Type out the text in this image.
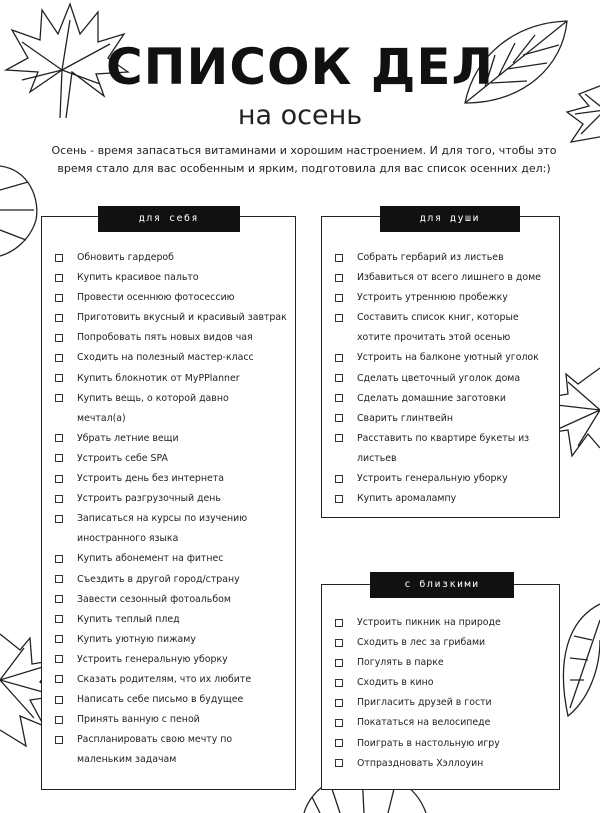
СПИСОК ДЕЛ
на осень
Осень - время запасаться витаминами и хорошим настроением. И для того, чтобы это время стало для вас особенным и ярким, подготовила для вас список осенних дел:)
для себя
Обновить гардероб
Купить красивое пальто
Провести осеннюю фотосессию
Приготовить вкусный и красивый завтрак
Попробовать пять новых видов чая
Сходить на полезный мастер-класс
Купить блокнотик от MyPPlanner
Купить вещь, о которой давно мечтал(а)
Убрать летние вещи
Устроить себе SPA
Устроить день без интернета
Устроить разгрузочный день
Записаться на курсы по изучению иностранного языка
Купить абонемент на фитнес
Съездить в другой город/страну
Завести сезонный фотоальбом
Купить теплый плед
Купить уютную пижаму
Устроить генеральную уборку
Сказать родителям, что их любите
Написать себе письмо в будущее
Принять ванную с пеной
Распланировать свою мечту по маленьким задачам
для души
Собрать гербарий из листьев
Избавиться от всего лишнего в доме
Устроить утреннюю пробежку
Составить список книг, которые хотите прочитать этой осенью
Устроить на балконе уютный уголок
Сделать цветочный уголок дома
Сделать домашние заготовки
Сварить глинтвейн
Расставить по квартире букеты из листьев
Устроить генеральную уборку
Купить аромалампу
с близкими
Устроить пикник на природе
Сходить в лес за грибами
Погулять в парке
Сходить в кино
Пригласить друзей в гости
Покататься на велосипеде
Поиграть в настольную игру
Отпраздновать Хэллоуин
